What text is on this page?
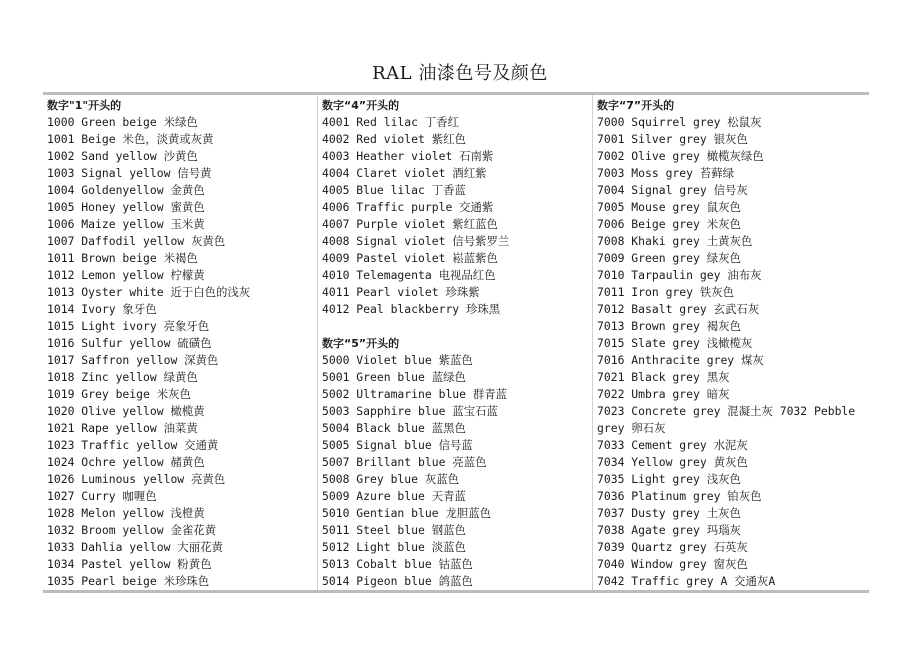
RAL 油漆色号及颜色
数字"1"开头的
1000 Green beige 米绿色
1001 Beige 米色，淡黄或灰黄
1002 Sand yellow 沙黄色
1003 Signal yellow 信号黄
1004 Goldenyellow 金黄色
1005 Honey yellow 蜜黄色
1006 Maize yellow 玉米黄
1007 Daffodil yellow 灰黄色
1011 Brown beige 米褐色
1012 Lemon yellow 柠檬黄
1013 Oyster white 近于白色的浅灰
1014 Ivory 象牙色
1015 Light ivory 亮象牙色
1016 Sulfur yellow 硫磺色
1017 Saffron yellow 深黄色
1018 Zinc yellow 绿黄色
1019 Grey beige 米灰色
1020 Olive yellow 橄榄黄
1021 Rape yellow 油菜黄
1023 Traffic yellow 交通黄
1024 Ochre yellow 赭黄色
1026 Luminous yellow 亮黄色
1027 Curry 咖喱色
1028 Melon yellow 浅橙黄
1032 Broom yellow 金雀花黄
1033 Dahlia yellow 大丽花黄
1034 Pastel yellow 粉黄色
1035 Pearl beige 米珍珠色
数字“4”开头的
4001 Red lilac 丁香红
4002 Red violet 紫红色
4003 Heather violet 石南紫
4004 Claret violet 酒红紫
4005 Blue lilac 丁香蓝
4006 Traffic purple 交通紫
4007 Purple violet 紫红蓝色
4008 Signal violet 信号紫罗兰
4009 Pastel violet 崧蓝紫色
4010 Telemagenta 电视品红色
4011 Pearl violet 珍珠紫
4012 Peal blackberry 珍珠黑
数字“5”开头的
5000 Violet blue 紫蓝色
5001 Green blue 蓝绿色
5002 Ultramarine blue 群青蓝
5003 Sapphire blue 蓝宝石蓝
5004 Black blue 蓝黑色
5005 Signal blue 信号蓝
5007 Brillant blue 亮蓝色
5008 Grey blue 灰蓝色
5009 Azure blue 天青蓝
5010 Gentian blue 龙胆蓝色
5011 Steel blue 钢蓝色
5012 Light blue 淡蓝色
5013 Cobalt blue 钴蓝色
5014 Pigeon blue 鸽蓝色
数字“7”开头的
7000 Squirrel grey 松鼠灰
7001 Silver grey 银灰色
7002 Olive grey 橄榄灰绿色
7003 Moss grey 苔藓绿
7004 Signal grey 信号灰
7005 Mouse grey 鼠灰色
7006 Beige grey 米灰色
7008 Khaki grey 土黄灰色
7009 Green grey 绿灰色
7010 Tarpaulin gey 油布灰
7011 Iron grey 铁灰色
7012 Basalt grey 玄武石灰
7013 Brown grey 褐灰色
7015 Slate grey 浅橄榄灰
7016 Anthracite grey 煤灰
7021 Black grey 黑灰
7022 Umbra grey 暗灰
7023 Concrete grey 混凝土灰 7032 Pebble grey 卵石灰
7033 Cement grey 水泥灰
7034 Yellow grey 黄灰色
7035 Light grey 浅灰色
7036 Platinum grey 铂灰色
7037 Dusty grey 土灰色
7038 Agate grey 玛瑙灰
7039 Quartz grey 石英灰
7040 Window grey 窗灰色
7042 Traffic grey A 交通灰A
